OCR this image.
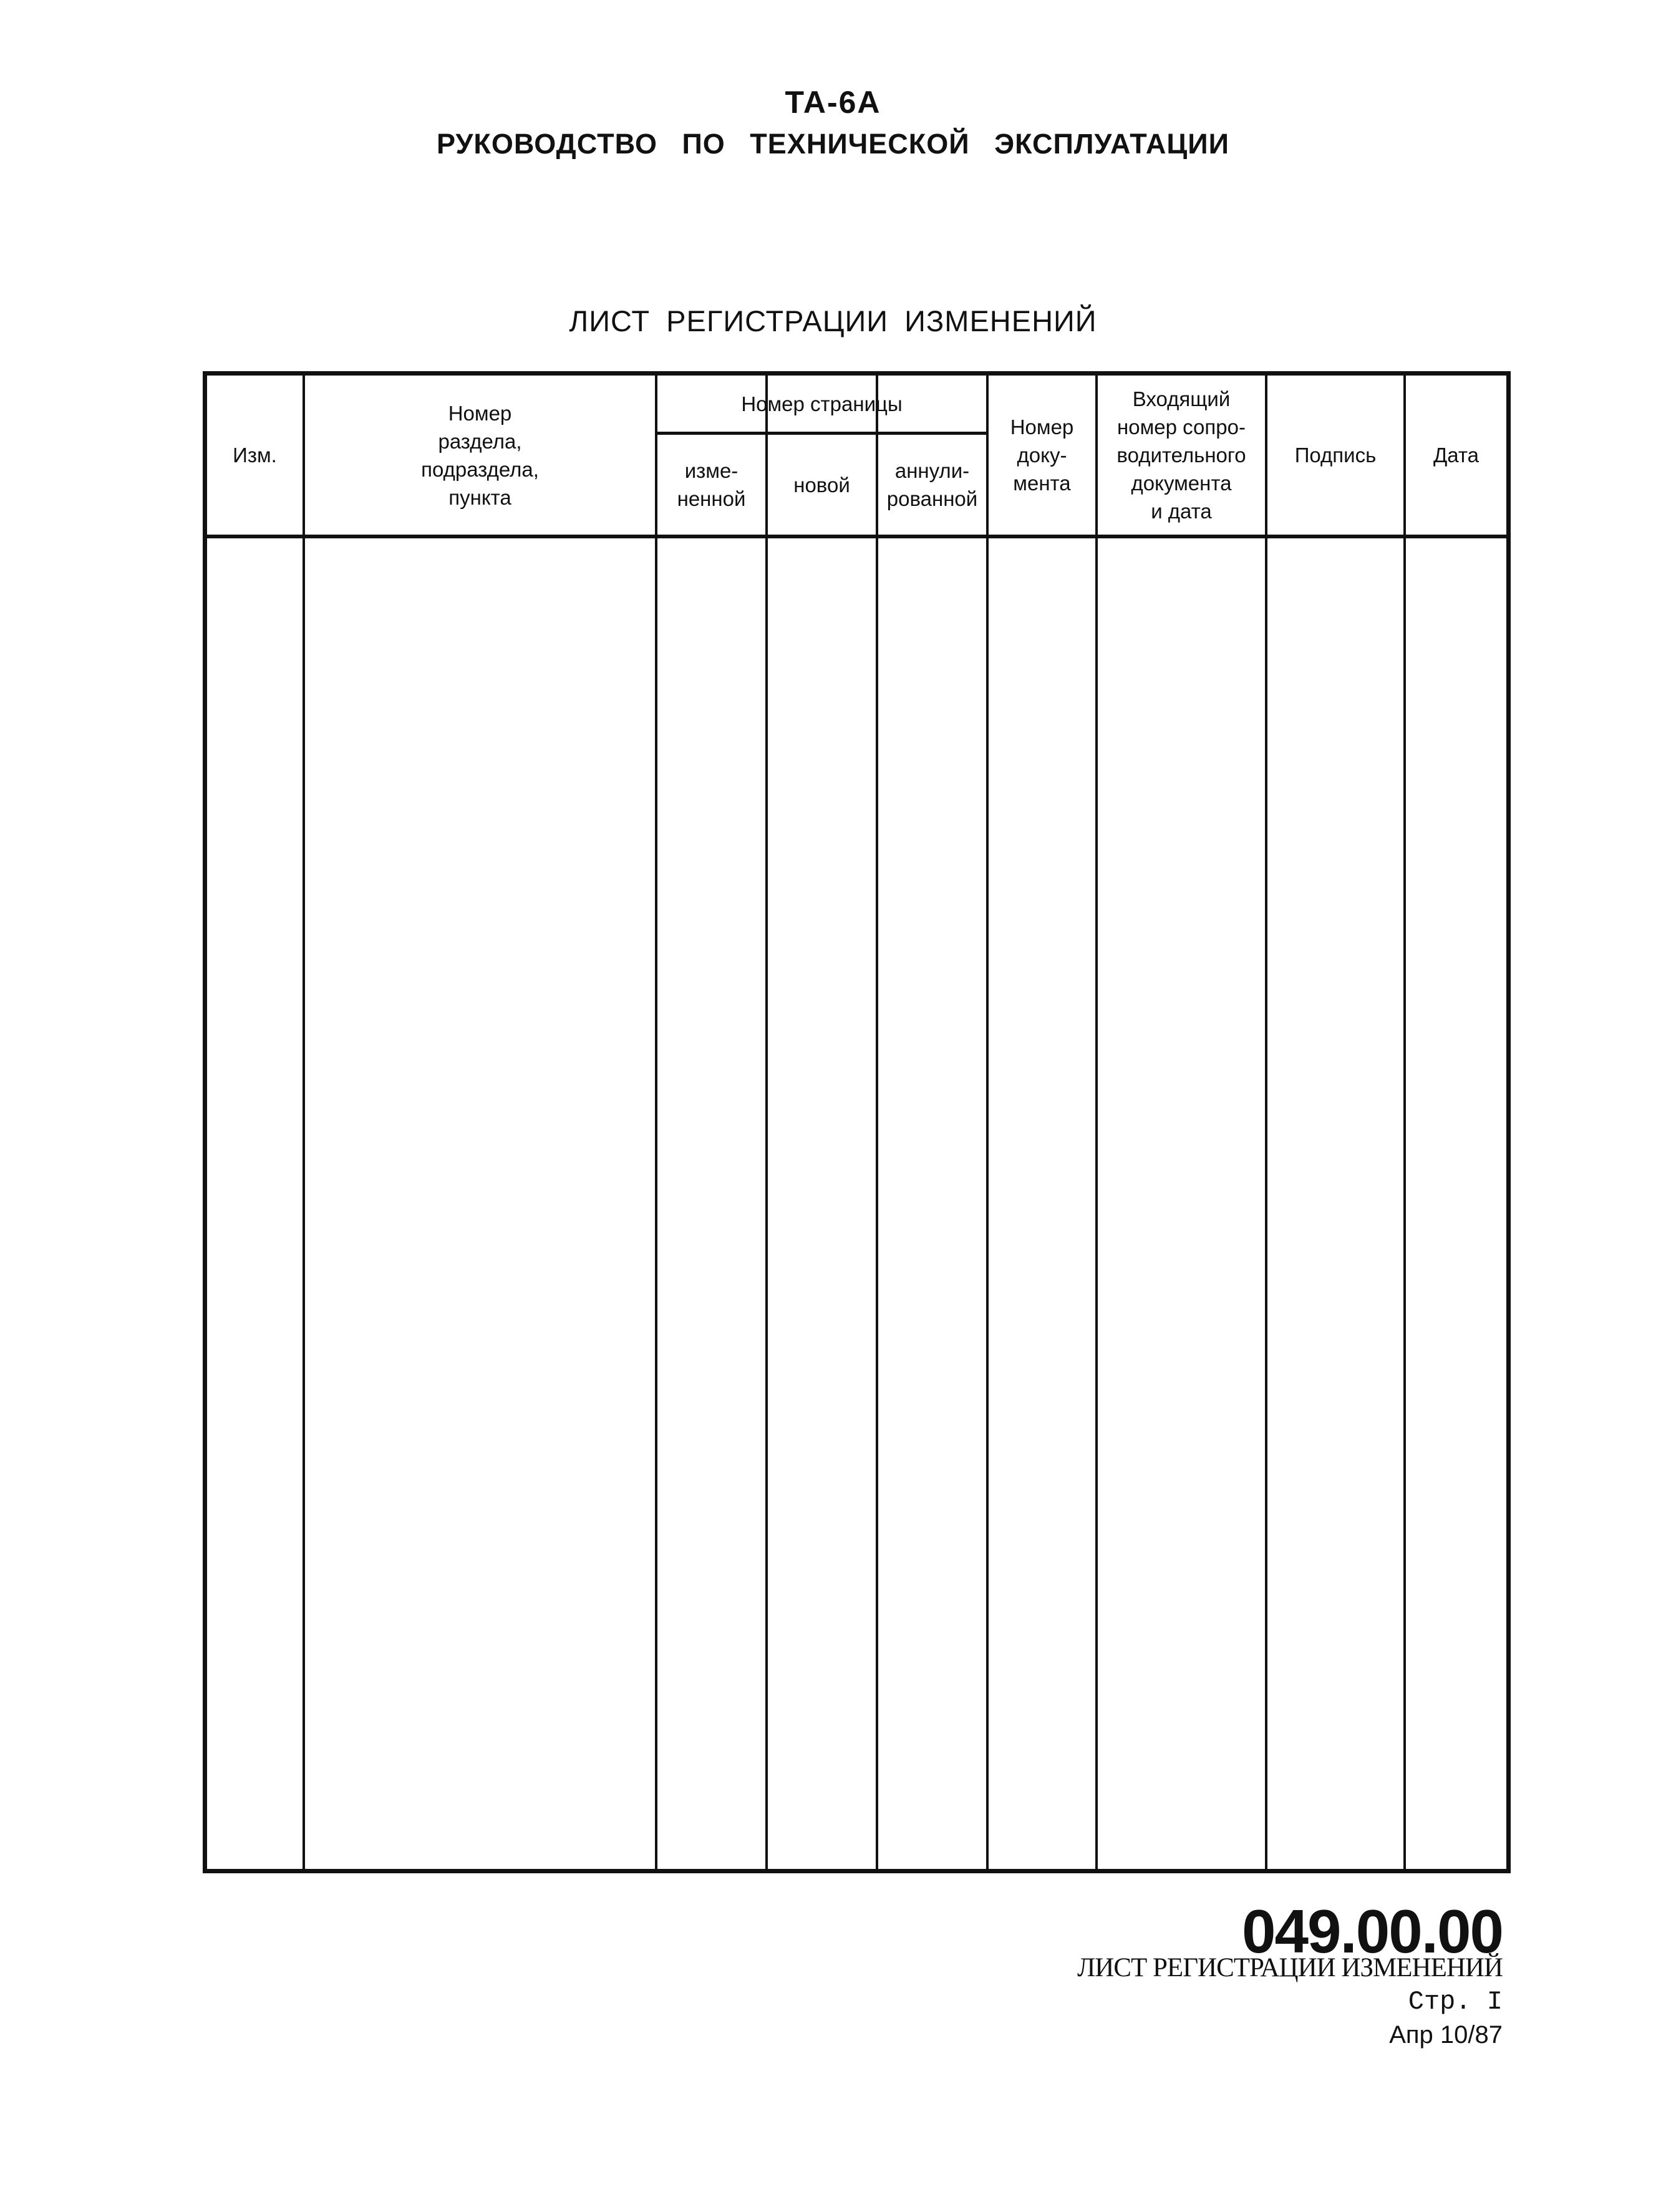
ТА-6А
РУКОВОДСТВО ПО ТЕХНИЧЕСКОЙ ЭКСПЛУАТАЦИИ
ЛИСТ РЕГИСТРАЦИИ ИЗМЕНЕНИЙ
Изм.
Номер
раздела,
подраздела,
пункта
Номер страницы
изме-
ненной
новой
аннули-
рованной
Номер
доку-
мента
Входящий
номер сопро-
водительного
документа
и дата
Подпись	Дата
049.00.00
ЛИСТ РЕГИСТРАЦИИ ИЗМЕНЕНИЙ
Стр. I
Апр 10/87
